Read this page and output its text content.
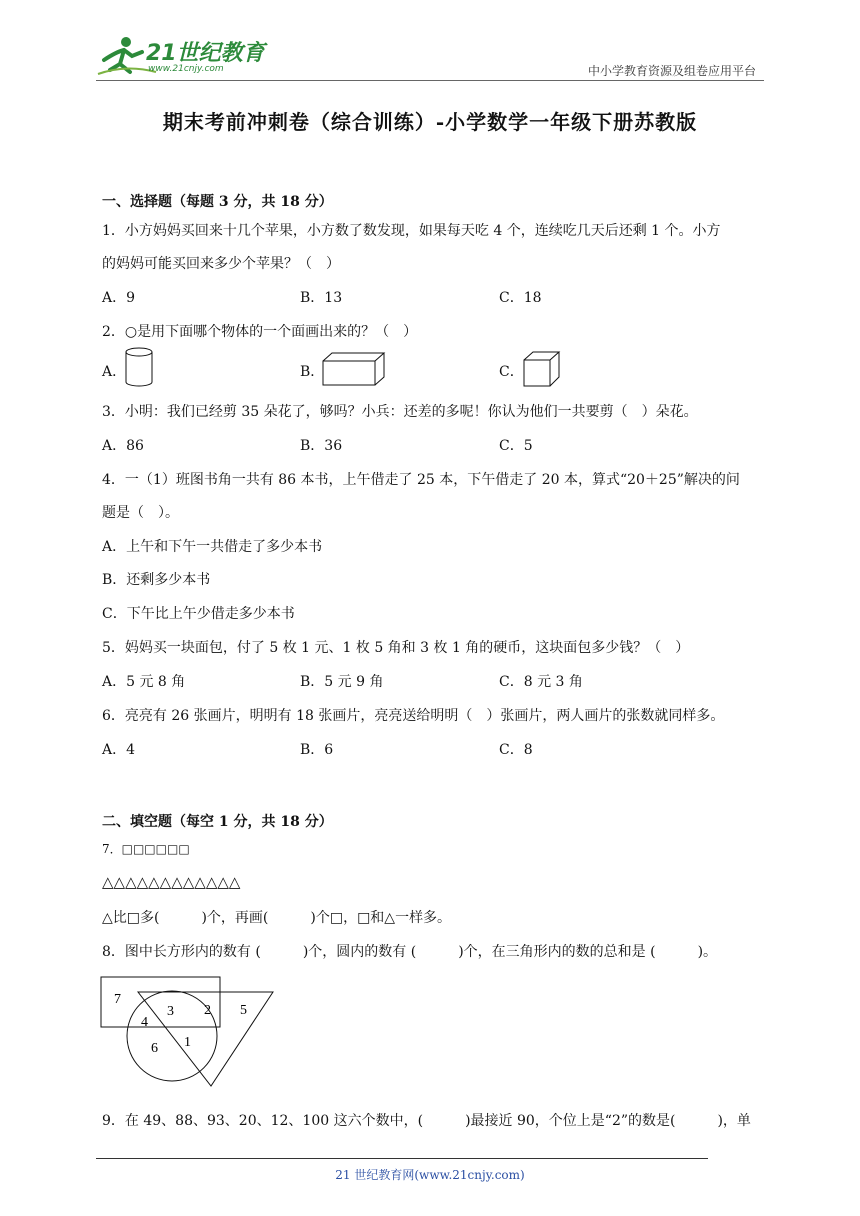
21世纪教育
www.21cnjy.com	中小学教育资源及组卷应用平台
期末考前冲刺卷（综合训练）-小学数学一年级下册苏教版
一、选择题（每题 3 分，共 18 分）
1．小方妈妈买回来十几个苹果，小方数了数发现，如果每天吃 4 个，连续吃几天后还剩 1 个。小方
的妈妈可能买回来多少个苹果？（　）
A．9	B．13	C．18
2．○是用下面哪个物体的一个面画出来的？（　）
A．	B．	C．
3．小明：我们已经剪 35 朵花了，够吗？小兵：还差的多呢！你认为他们一共要剪（　）朵花。
A．86	B．36	C．5
4．一（1）班图书角一共有 86 本书，上午借走了 25 本，下午借走了 20 本，算式“20＋25”解决的问
题是（　）。
A．上午和下午一共借走了多少本书
B．还剩多少本书
C．下午比上午少借走多少本书
5．妈妈买一块面包，付了 5 枚 1 元、1 枚 5 角和 3 枚 1 角的硬币，这块面包多少钱？（　）
A．5 元 8 角	B．5 元 9 角	C．8 元 3 角
6．亮亮有 26 张画片，明明有 18 张画片，亮亮送给明明（　）张画片，两人画片的张数就同样多。
A．4	B．6	C．8
二、填空题（每空 1 分，共 18 分）
7．□□□□□□
△△△△△△△△△△△△
△比□多(　　　)个，再画(　　　)个□，□和△一样多。
8．图中长方形内的数有 (　　　)个，圆内的数有 (　　　)个，在三角形内的数的总和是 (　　　)。
7
3 2 5
4
6 1
9．在 49、88、93、20、12、100 这六个数中，(　　　)最接近 90，个位上是“2”的数是(　　　)，单
21 世纪教育网(www.21cnjy.com)
